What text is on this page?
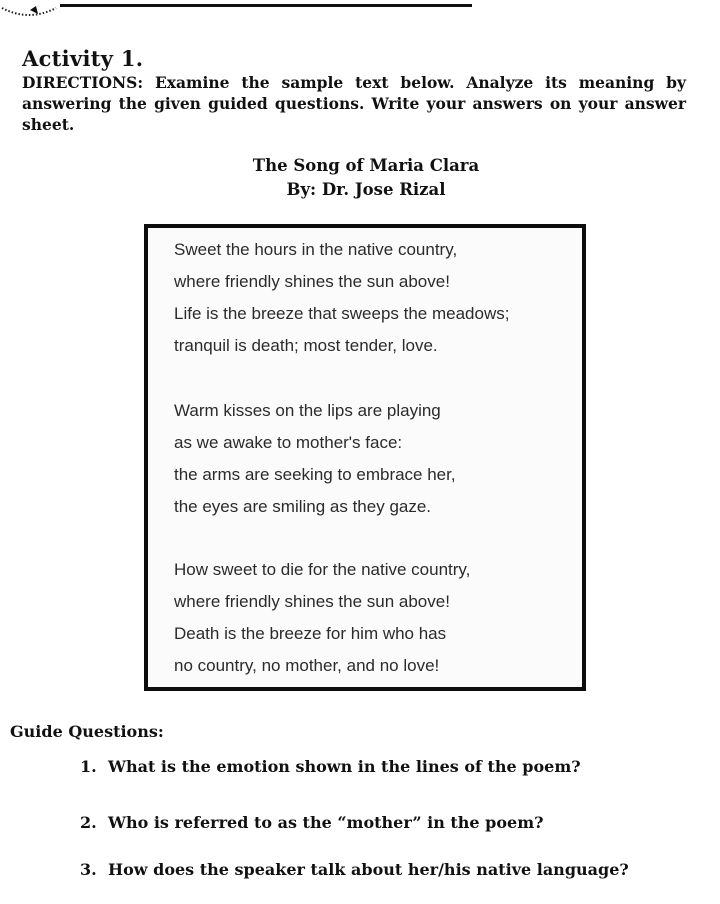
Activity 1.
DIRECTIONS: Examine the sample text below. Analyze its meaning by answering the given guided questions. Write your answers on your answer sheet.
The Song of Maria Clara
By: Dr. Jose Rizal
Sweet the hours in the native country,
where friendly shines the sun above!
Life is the breeze that sweeps the meadows;
tranquil is death; most tender, love.
Warm kisses on the lips are playing
as we awake to mother's face:
the arms are seeking to embrace her,
the eyes are smiling as they gaze.
How sweet to die for the native country,
where friendly shines the sun above!
Death is the breeze for him who has
no country, no mother, and no love!
Guide Questions:
1. What is the emotion shown in the lines of the poem?
2. Who is referred to as the “mother” in the poem?
3. How does the speaker talk about her/his native language?
